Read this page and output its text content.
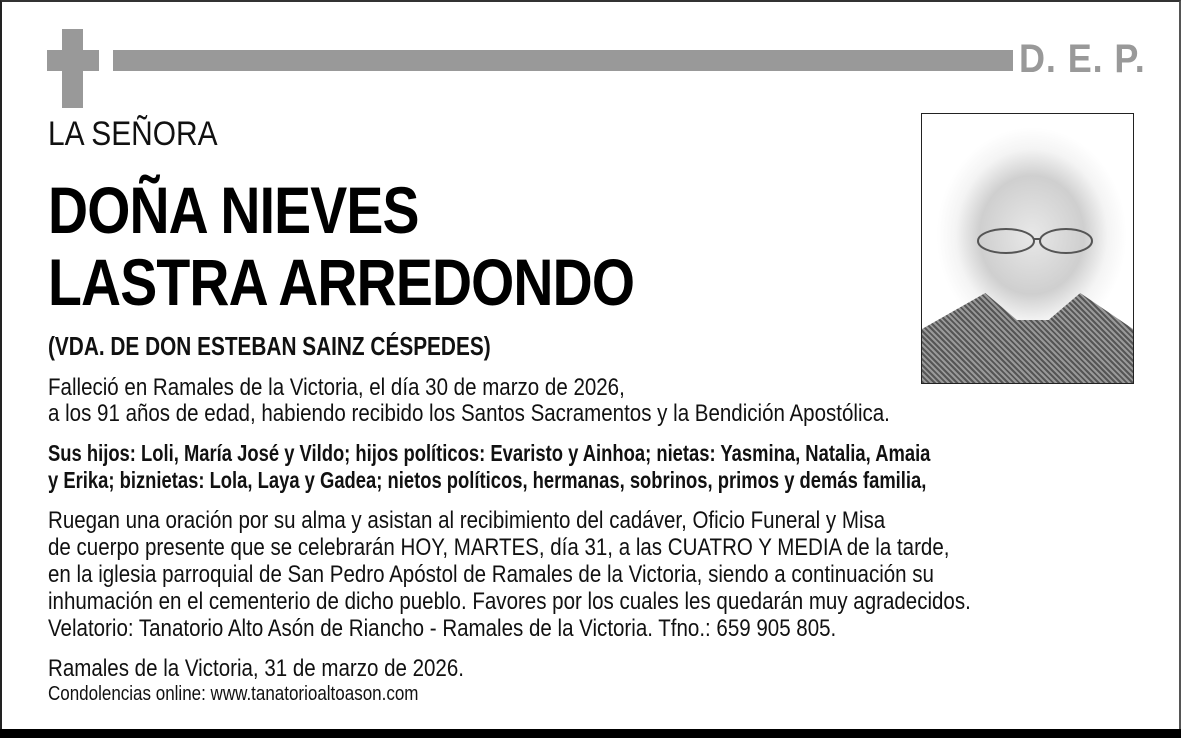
D. E. P.
LA SEÑORA
DOÑA NIEVES
LASTRA ARREDONDO
(VDA. DE DON ESTEBAN SAINZ CÉSPEDES)
Falleció en Ramales de la Victoria, el día 30 de marzo de 2026,
a los 91 años de edad, habiendo recibido los Santos Sacramentos y la Bendición Apostólica.
Sus hijos: Loli, María José y Vildo; hijos políticos: Evaristo y Ainhoa; nietas: Yasmina, Natalia, Amaia
y Erika; biznietas: Lola, Laya y Gadea; nietos políticos, hermanas, sobrinos, primos y demás familia,
Ruegan una oración por su alma y asistan al recibimiento del cadáver, Oficio Funeral y Misa
de cuerpo presente que se celebrarán HOY, MARTES, día 31, a las CUATRO Y MEDIA de la tarde,
en la iglesia parroquial de San Pedro Apóstol de Ramales de la Victoria, siendo a continuación su
inhumación en el cementerio de dicho pueblo. Favores por los cuales les quedarán muy agradecidos.
Velatorio: Tanatorio Alto Asón de Riancho - Ramales de la Victoria. Tfno.: 659 905 805.
Ramales de la Victoria, 31 de marzo de 2026.
Condolencias online: www.tanatorioaltoason.com
